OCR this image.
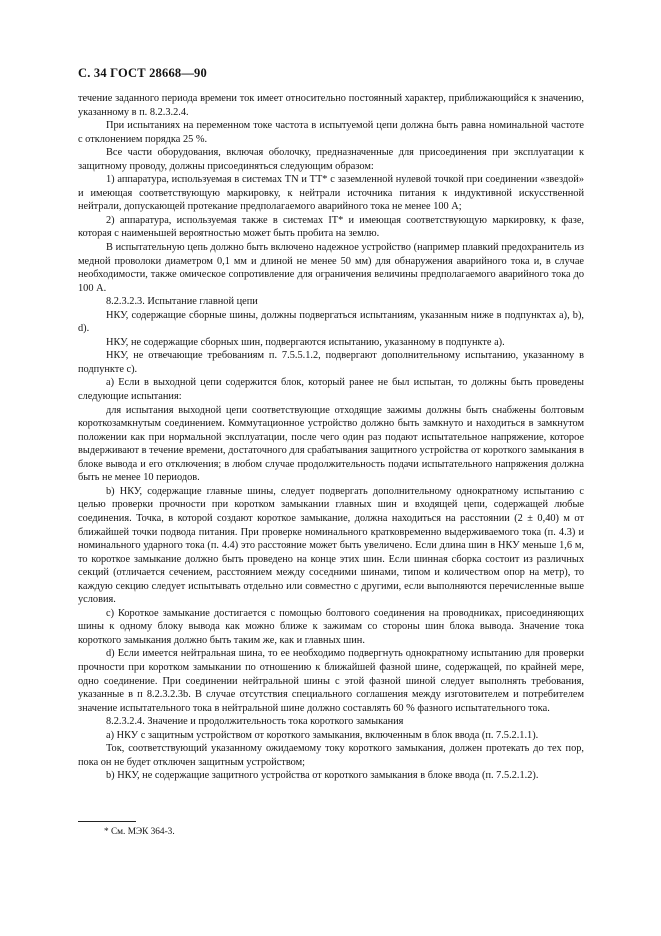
С. 34 ГОСТ 28668—90

течение заданного периода времени ток имеет относительно постоянный характер, приближающийся к значению, указанному в п. 8.2.3.2.4.

При испытаниях на переменном токе частота в испытуемой цепи должна быть равна номинальной частоте с отклонением порядка 25 %.

Все части оборудования, включая оболочку, предназначенные для присоединения при эксплуатации к защитному проводу, должны присоединяться следующим образом:

1) аппаратура, используемая в системах TN и TT* с заземленной нулевой точкой при соединении «звездой» и имеющая соответствующую маркировку, к нейтрали источника питания к индуктивной искусственной нейтрали, допускающей протекание предполагаемого аварийного тока не менее 100 А;

2) аппаратура, используемая также в системах IT* и имеющая соответствующую маркировку, к фазе, которая с наименьшей вероятностью может быть пробита на землю.

В испытательную цепь должно быть включено надежное устройство (например плавкий предохранитель из медной проволоки диаметром 0,1 мм и длиной не менее 50 мм) для обнаружения аварийного тока и, в случае необходимости, также омическое сопротивление для ограничения величины предполагаемого аварийного тока до 100 А.

8.2.3.2.3. Испытание главной цепи

НКУ, содержащие сборные шины, должны подвергаться испытаниям, указанным ниже в подпунктах а), b), d).

НКУ, не содержащие сборных шин, подвергаются испытанию, указанному в подпункте а).

НКУ, не отвечающие требованиям п. 7.5.5.1.2, подвергают дополнительному испытанию, указанному в подпункте с).

а) Если в выходной цепи содержится блок, который ранее не был испытан, то должны быть проведены следующие испытания:

для испытания выходной цепи соответствующие отходящие зажимы должны быть снабжены болтовым короткозамкнутым соединением. Коммутационное устройство должно быть замкнуто и находиться в замкнутом положении как при нормальной эксплуатации, после чего один раз подают испытательное напряжение, которое выдерживают в течение времени, достаточного для срабатывания защитного устройства от короткого замыкания в блоке вывода и его отключения; в любом случае продолжительность подачи испытательного напряжения должна быть не менее 10 периодов.

b) НКУ, содержащие главные шины, следует подвергать дополнительному однократному испытанию с целью проверки прочности при коротком замыкании главных шин и входящей цепи, содержащей любые соединения. Точка, в которой создают короткое замыкание, должна находиться на расстоянии (2 ± 0,40) м от ближайшей точки подвода питания. При проверке номинального кратковременно выдерживаемого тока (п. 4.3) и номинального ударного тока (п. 4.4) это расстояние может быть увеличено. Если длина шин в НКУ меньше 1,6 м, то короткое замыкание должно быть проведено на конце этих шин. Если шинная сборка состоит из различных секций (отличается сечением, расстоянием между соседними шинами, типом и количеством опор на метр), то каждую секцию следует испытывать отдельно или совместно с другими, если выполняются перечисленные выше условия.

с) Короткое замыкание достигается с помощью болтового соединения на проводниках, присоединяющих шины к одному блоку вывода как можно ближе к зажимам со стороны шин блока вывода. Значение тока короткого замыкания должно быть таким же, как и главных шин.

d) Если имеется нейтральная шина, то ее необходимо подвергнуть однократному испытанию для проверки прочности при коротком замыкании по отношению к ближайшей фазной шине, содержащей, по крайней мере, одно соединение. При соединении нейтральной шины с этой фазной шиной следует выполнять требования, указанные в п 8.2.3.2.3b. В случае отсутствия специального соглашения между изготовителем и потребителем значение испытательного тока в нейтральной шине должно составлять 60 % фазного испытательного тока.

8.2.3.2.4. Значение и продолжительность тока короткого замыкания

а) НКУ с защитным устройством от короткого замыкания, включенным в блок ввода (п. 7.5.2.1.1).

Ток, соответствующий указанному ожидаемому току короткого замыкания, должен протекать до тех пор, пока он не будет отключен защитным устройством;

b) НКУ, не содержащие защитного устройства от короткого замыкания в блоке ввода (п. 7.5.2.1.2).

* См. МЭК 364-3.
